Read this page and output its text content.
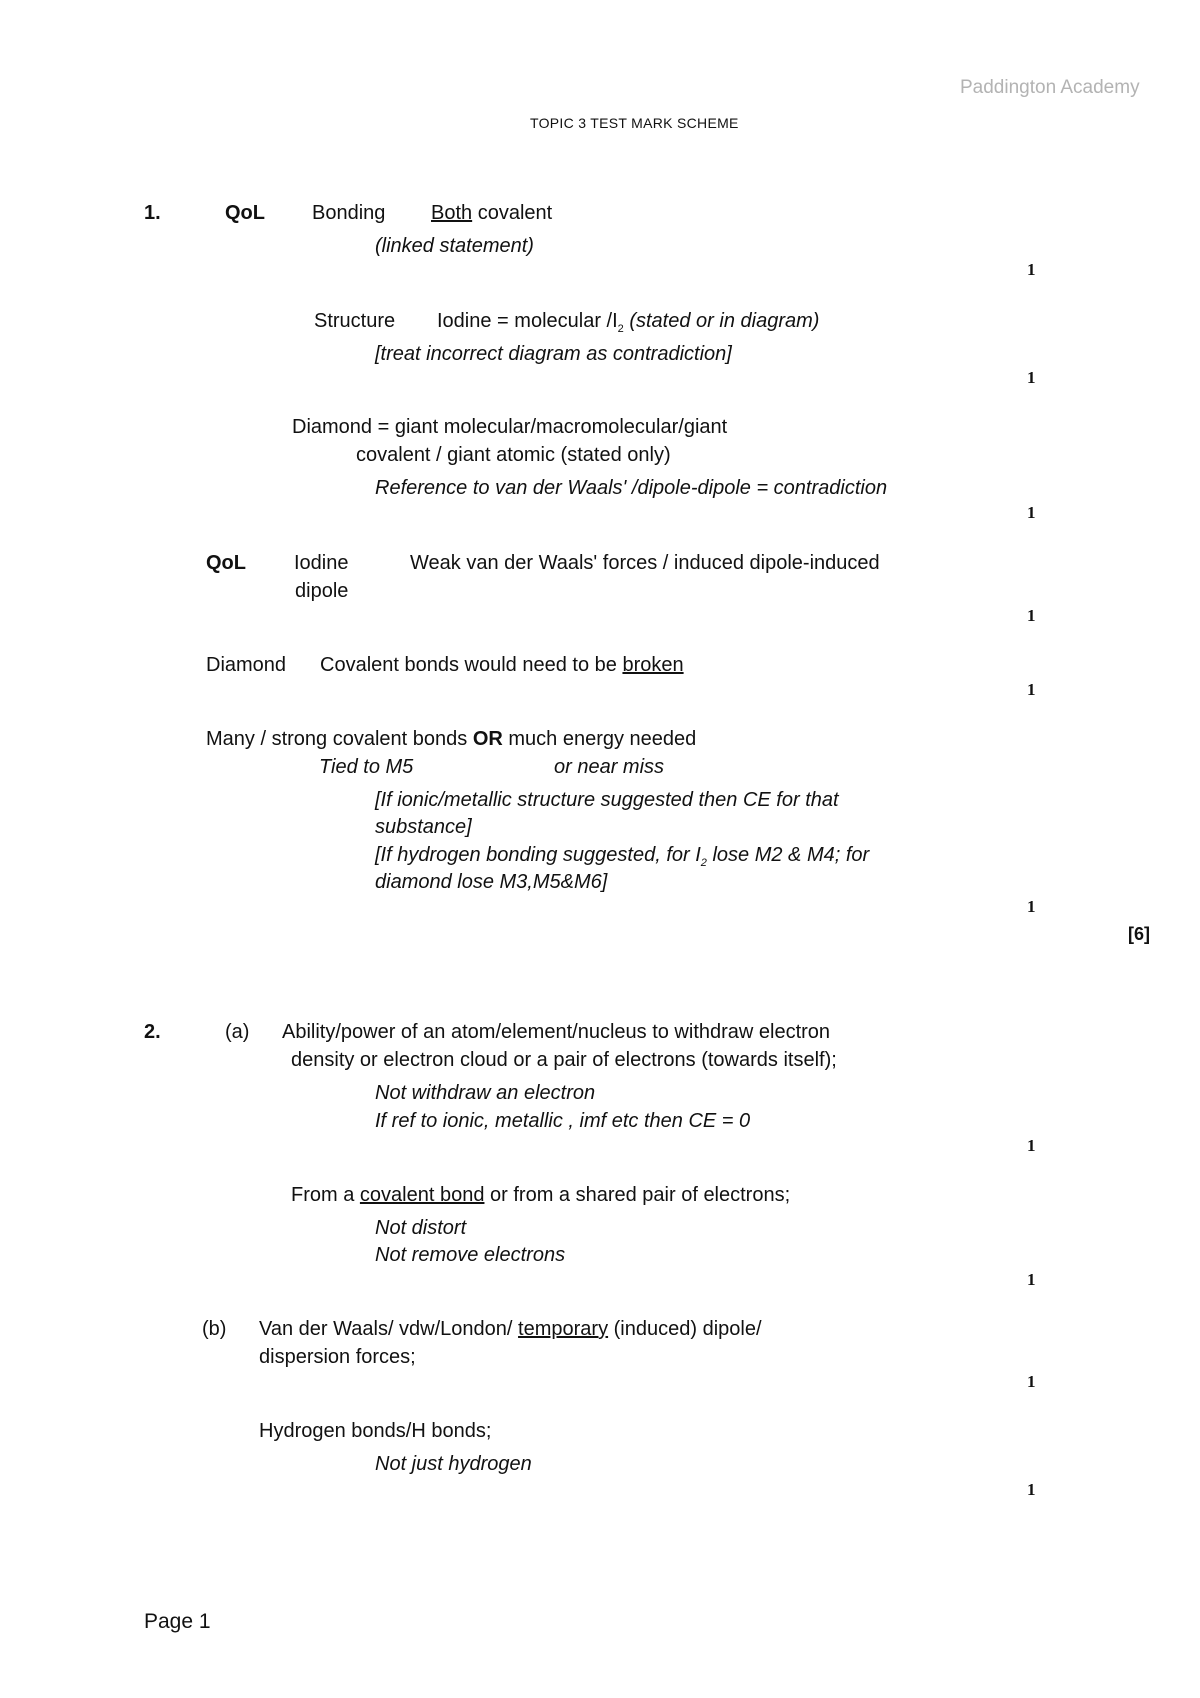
Paddington Academy
TOPIC 3 TEST MARK SCHEME
1.	QoL Bonding Both covalent
(linked statement)
1
Structure Iodine = molecular $/I_2$ (stated or in diagram)
[treat incorrect diagram as contradiction]
1
Diamond = giant molecular/macromolecular/giant
covalent / giant atomic (stated only)
Reference to van der Waals' /dipole-dipole = contradiction
1
QoL Iodine	Weak van der Waals' forces / induced dipole-induced
dipole
1
Diamond Covalent bonds would need to be broken
1
Many / strong covalent bonds OR much energy needed
Tied to M5	or near miss
[If ionic/metallic structure suggested then CE for that
substance]
[If hydrogen bonding suggested, for $I_2$ lose M2 & M4; for
diamond lose M3,M5&M6]
1
[6]
2.	(a) Ability/power of an atom/element/nucleus to withdraw electron
density or electron cloud or a pair of electrons (towards itself);
Not withdraw an electron
If ref to ionic, metallic , imf etc then CE = 0
1
From a covalent bond or from a shared pair of electrons;
Not distort
Not remove electrons
1
(b) Van der Waals/ vdw/London/ temporary (induced) dipole/
dispersion forces;
1
Hydrogen bonds/H bonds;
Not just hydrogen
1
Page 1
